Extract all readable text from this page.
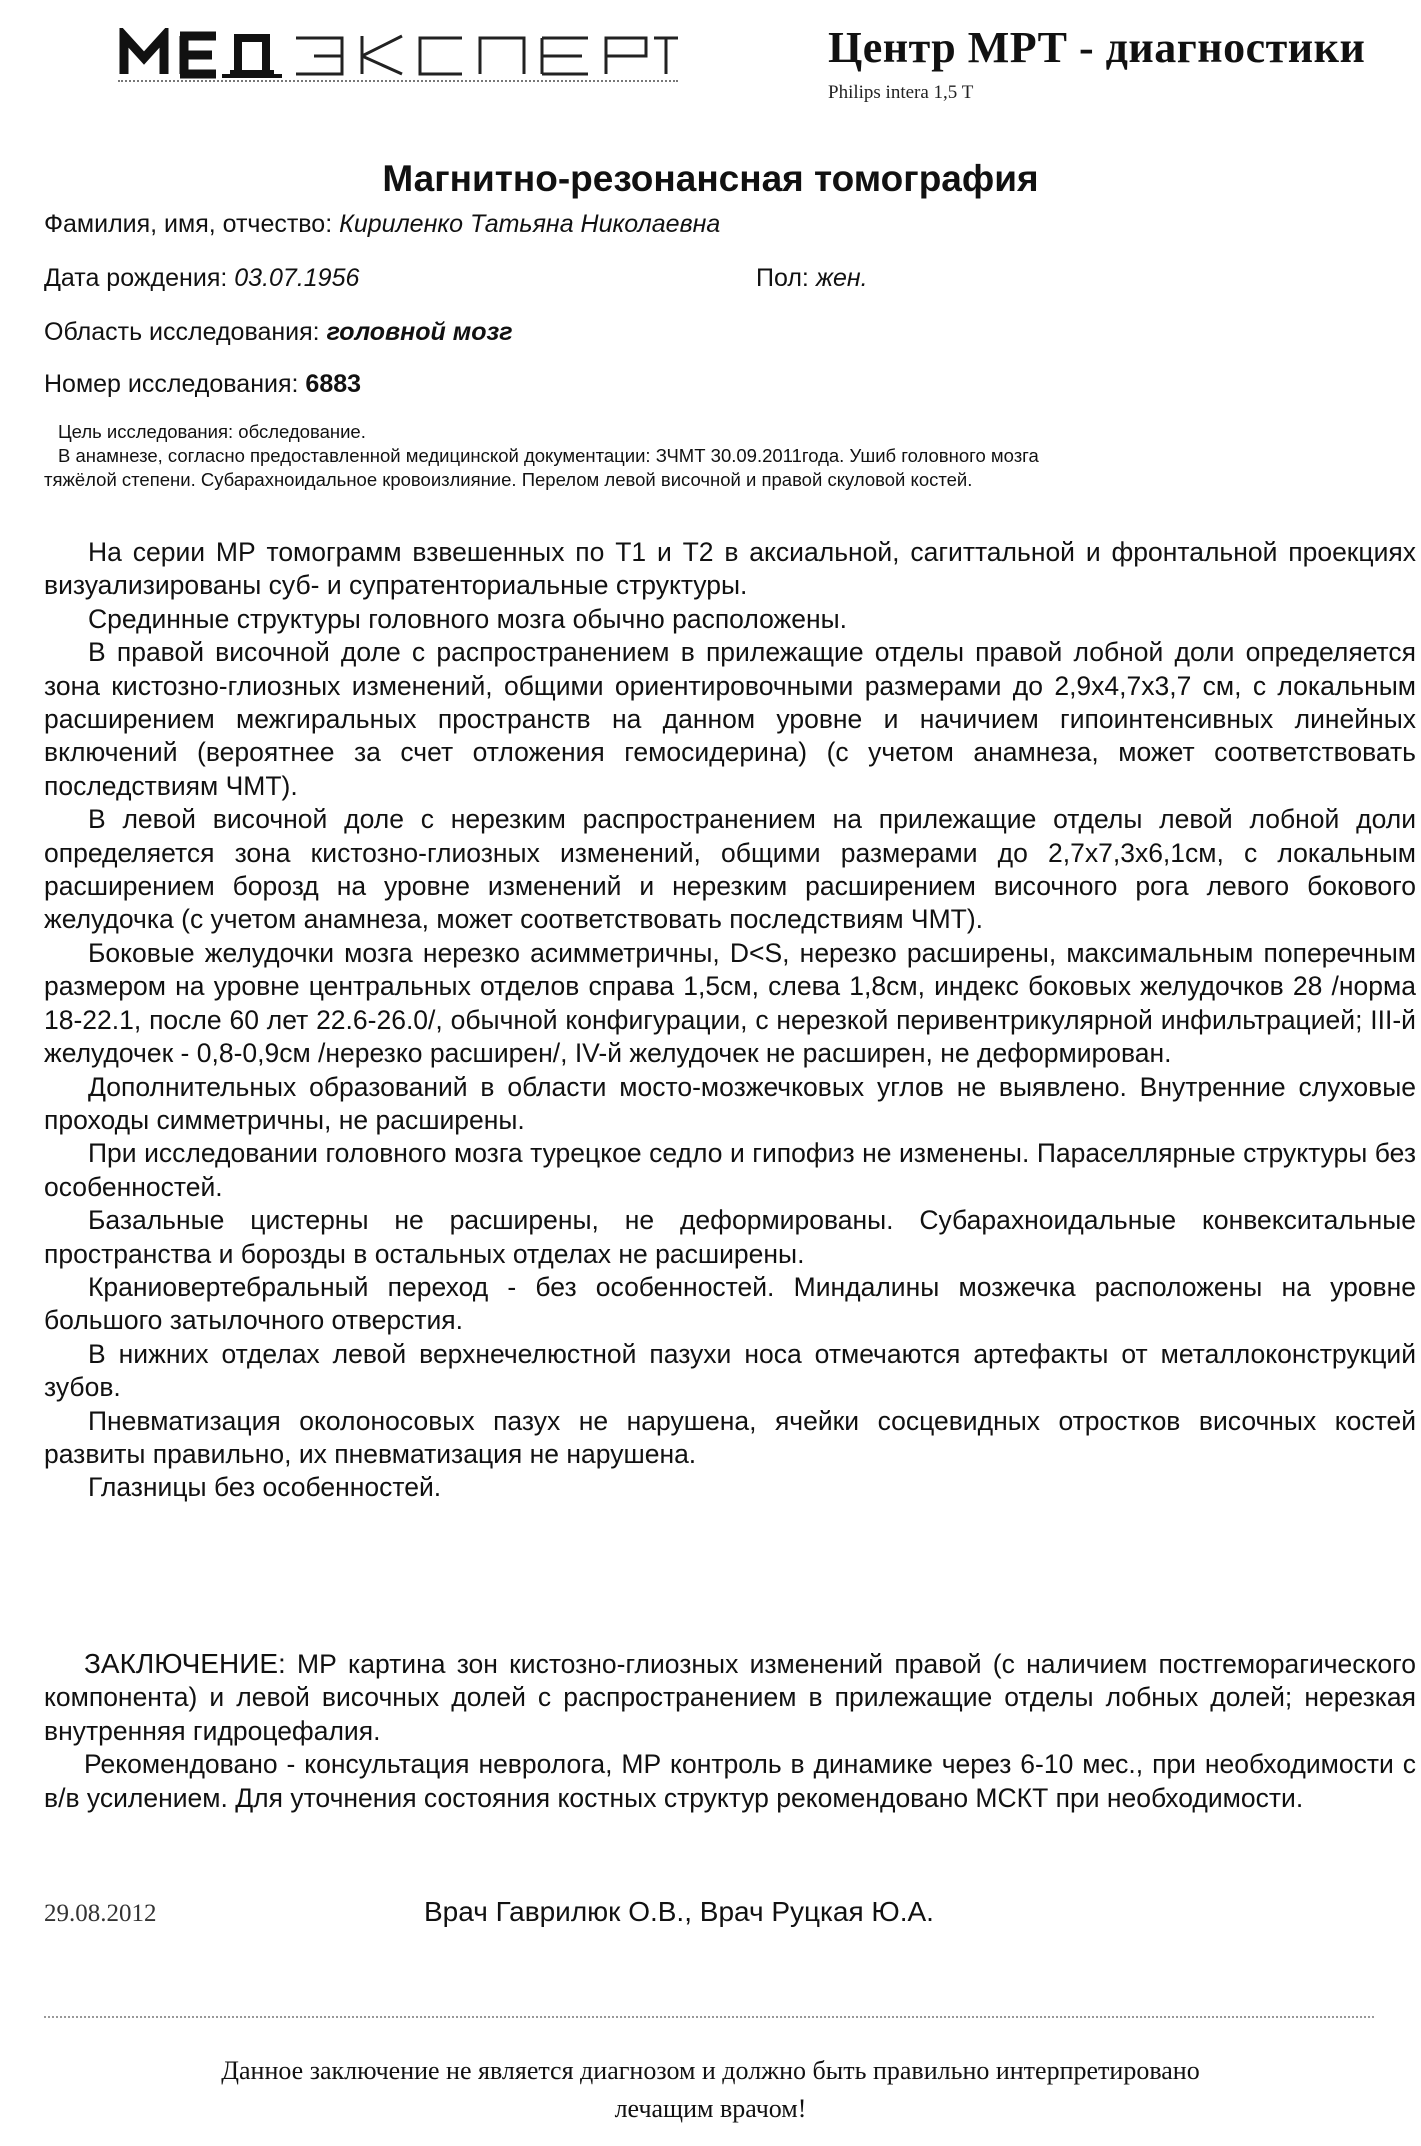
Центр МРТ - диагностики
Philips intera 1,5 T
Магнитно-резонансная томография
Фамилия, имя, отчество: Кириленко Татьяна Николаевна
Дата рождения: 03.07.1956	Пол: жен.
Область исследования: головной мозг
Номер исследования: 6883
Цель исследования: обследование.
В анамнезе, согласно предоставленной медицинской документации: ЗЧМТ 30.09.2011года. Ушиб головного мозга
тяжёлой степени. Субарахноидальное кровоизлияние. Перелом левой височной и правой скуловой костей.

На серии МР томограмм взвешенных по Т1 и Т2 в аксиальной, сагиттальной и фронтальной проекциях визуализированы суб- и супратенториальные структуры.

Срединные структуры головного мозга обычно расположены.

В правой височной доле с распространением в прилежащие отделы правой лобной доли определяется зона кистозно-глиозных изменений, общими ориентировочными размерами до 2,9х4,7х3,7 см, с локальным расширением межгиральных пространств на данном уровне и начичием гипоинтенсивных линейных включений (вероятнее за счет отложения гемосидерина) (с учетом анамнеза, может соответствовать последствиям ЧМТ).

В левой височной доле с нерезким распространением на прилежащие отделы левой лобной доли определяется зона кистозно-глиозных изменений, общими размерами до 2,7х7,3х6,1см, с локальным расширением борозд на уровне изменений и нерезким расширением височного рога левого бокового желудочка (с учетом анамнеза, может соответствовать последствиям ЧМТ).

Боковые желудочки мозга нерезко асимметричны, D<S, нерезко расширены, максимальным поперечным размером на уровне центральных отделов справа 1,5см, слева 1,8см, индекс боковых желудочков 28 /норма 18-22.1, после 60 лет 22.6-26.0/, обычной конфигурации, с нерезкой перивентрикулярной инфильтрацией; III-й желудочек - 0,8-0,9см /нерезко расширен/, IV-й желудочек не расширен, не деформирован.

Дополнительных образований в области мосто-мозжечковых углов не выявлено. Внутренние слуховые проходы симметричны, не расширены.

При исследовании головного мозга турецкое седло и гипофиз не изменены. Параселлярные структуры без особенностей.

Базальные цистерны не расширены, не деформированы. Субарахноидальные конвекситальные пространства и борозды в остальных отделах не расширены.

Краниовертебральный переход - без особенностей. Миндалины мозжечка расположены на уровне большого затылочного отверстия.

В нижних отделах левой верхнечелюстной пазухи носа отмечаются артефакты от металлоконструкций зубов.

Пневматизация околоносовых пазух не нарушена, ячейки сосцевидных отростков височных костей развиты правильно, их пневматизация не нарушена.

Глазницы без особенностей.

ЗАКЛЮЧЕНИЕ: МР картина зон кистозно-глиозных изменений правой (с наличием постгеморагического компонента) и левой височных долей с распространением в прилежащие отделы лобных долей; нерезкая внутренняя гидроцефалия.

Рекомендовано - консультация невролога, МР контроль в динамике через 6-10 мес., при необходимости с в/в усилением. Для уточнения состояния костных структур рекомендовано МСКТ при необходимости.

29.08.2012	Врач Гаврилюк О.В., Врач Руцкая Ю.А.
Данное заключение не является диагнозом и должно быть правильно интерпретировано
лечащим врачом!
